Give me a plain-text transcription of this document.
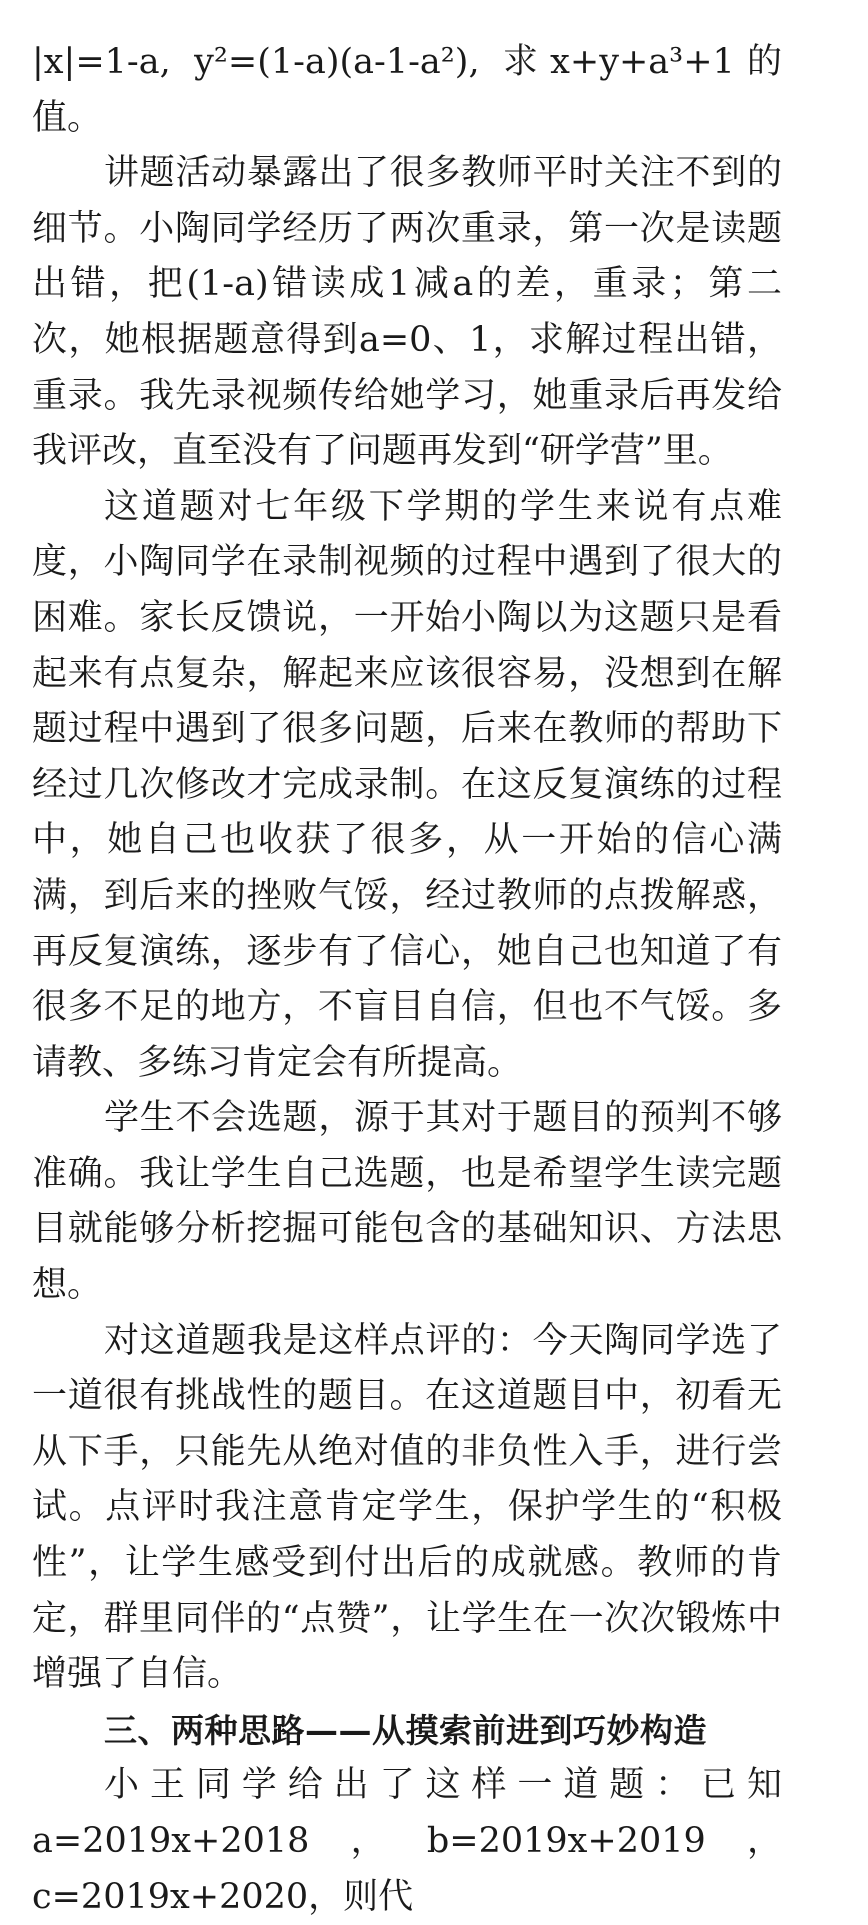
|x|=1-a, y²=(1-a)(a-1-a²), 求x+y+a³+1的值。

讲题活动暴露出了很多教师平时关注不到的细节。小陶同学经历了两次重录，第一次是读题出错，把(1-a)错读成1减a的差，重录；第二次，她根据题意得到a=0、1，求解过程出错，重录。我先录视频传给她学习，她重录后再发给我评改，直至没有了问题再发到“研学营”里。

这道题对七年级下学期的学生来说有点难度，小陶同学在录制视频的过程中遇到了很大的困难。家长反馈说，一开始小陶以为这题只是看起来有点复杂，解起来应该很容易，没想到在解题过程中遇到了很多问题，后来在教师的帮助下经过几次修改才完成录制。在这反复演练的过程中，她自己也收获了很多，从一开始的信心满满，到后来的挫败气馁，经过教师的点拨解惑，再反复演练，逐步有了信心，她自己也知道了有很多不足的地方，不盲目自信，但也不气馁。多请教、多练习肯定会有所提高。

学生不会选题，源于其对于题目的预判不够准确。我让学生自己选题，也是希望学生读完题目就能够分析挖掘可能包含的基础知识、方法思想。

对这道题我是这样点评的：今天陶同学选了一道很有挑战性的题目。在这道题目中，初看无从下手，只能先从绝对值的非负性入手，进行尝试。点评时我注意肯定学生，保护学生的“积极性”，让学生感受到付出后的成就感。教师的肯定，群里同伴的“点赞”，让学生在一次次锻炼中增强了自信。

三、两种思路——从摸索前进到巧妙构造

小王同学给出了这样一道题：已知a=2019x+2018，b=2019x+2019，c=2019x+2020，则代
